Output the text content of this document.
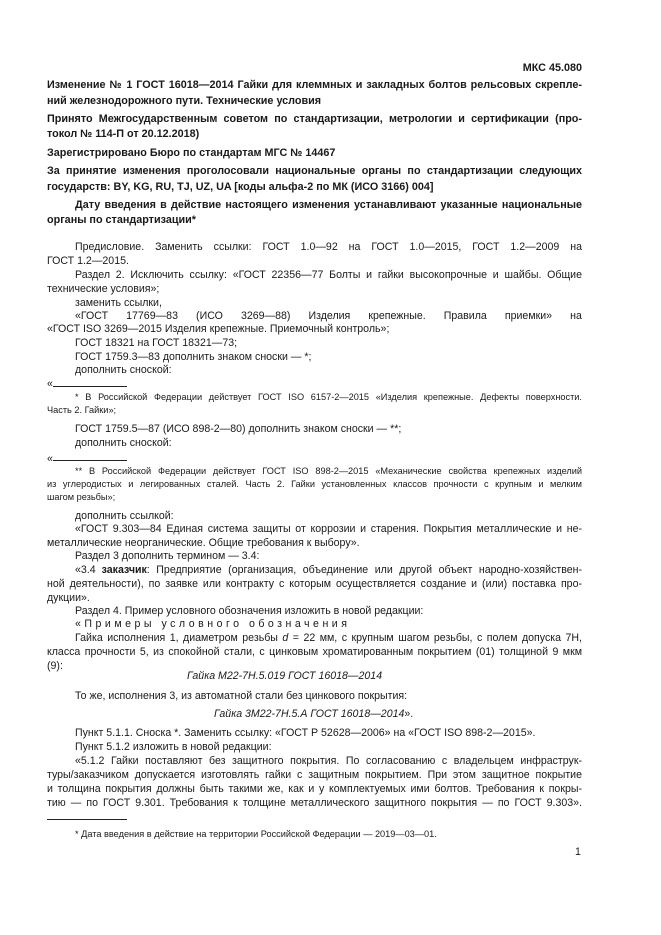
МКС 45.080
Изменение № 1 ГОСТ 16018—2014 Гайки для клеммных и закладных болтов рельсовых скрепле-
ний железнодорожного пути. Технические условия
Принято Межгосударственным советом по стандартизации, метрологии и сертификации (про-
токол № 114-П от 20.12.2018)
Зарегистрировано Бюро по стандартам МГС № 14467
За принятие изменения проголосовали национальные органы по стандартизации следующих
государств: BY, KG, RU, TJ, UZ, UA [коды альфа-2 по МК (ИСО 3166) 004]
Дату введения в действие настоящего изменения устанавливают указанные национальные
органы по стандартизации*
Предисловие. Заменить ссылки: ГОСТ 1.0—92 на ГОСТ 1.0—2015, ГОСТ 1.2—2009 на
ГОСТ 1.2—2015.
Раздел 2. Исключить ссылку: «ГОСТ 22356—77 Болты и гайки высокопрочные и шайбы. Общие
технические условия»;
заменить ссылки,
«ГОСТ 17769—83 (ИСО 3269—88) Изделия крепежные. Правила приемки» на
«ГОСТ ISO 3269—2015 Изделия крепежные. Приемочный контроль»;
ГОСТ 18321 на ГОСТ 18321—73;
ГОСТ 1759.3—83 дополнить знаком сноски — *;
дополнить сноской:
«
* В Российской Федерации действует ГОСТ ISO 6157-2—2015 «Изделия крепежные. Дефекты поверхности.
Часть 2. Гайки»;
ГОСТ 1759.5—87 (ИСО 898-2—80) дополнить знаком сноски — **;
дополнить сноской:
«
** В Российской Федерации действует ГОСТ ISO 898-2—2015 «Механические свойства крепежных изделий
из углеродистых и легированных сталей. Часть 2. Гайки установленных классов прочности с крупным и мелким
шагом резьбы»;
дополнить ссылкой:
«ГОСТ 9.303—84 Единая система защиты от коррозии и старения. Покрытия металлические и не-
металлические неорганические. Общие требования к выбору».
Раздел 3 дополнить термином — 3.4:
«3.4 заказчик : Предприятие (организация, объединение или другой объект народно-хозяйствен-
ной деятельности), по заявке или контракту с которым осуществляется создание и (или) поставка про-
дукции».
Раздел 4. Пример условного обозначения изложить в новой редакции:
«Примеры условного обозначения
Гайка исполнения 1, диаметром резьбы d = 22 мм, с крупным шагом резьбы, с полем допуска 7Н,
класса прочности 5, из спокойной стали, с цинковым хроматированным покрытием (01) толщиной 9 мкм
(9):
Гайка М22-7Н.5.019 ГОСТ 16018—2014
То же, исполнения 3, из автоматной стали без цинкового покрытия:
Гайка 3М22-7Н.5.А ГОСТ 16018—2014».
Пункт 5.1.1. Сноска *. Заменить ссылку: «ГОСТ Р 52628—2006» на «ГОСТ ISO 898-2—2015».
Пункт 5.1.2 изложить в новой редакции:
«5.1.2 Гайки поставляют без защитного покрытия. По согласованию с владельцем инфраструк-
туры/заказчиком допускается изготовлять гайки с защитным покрытием. При этом защитное покрытие
и толщина покрытия должны быть такими же, как и у комплектуемых ими болтов. Требования к покры-
тию — по ГОСТ 9.301. Требования к толщине металлического защитного покрытия — по ГОСТ 9.303».
* Дата введения в действие на территории Российской Федерации — 2019—03—01.
1
